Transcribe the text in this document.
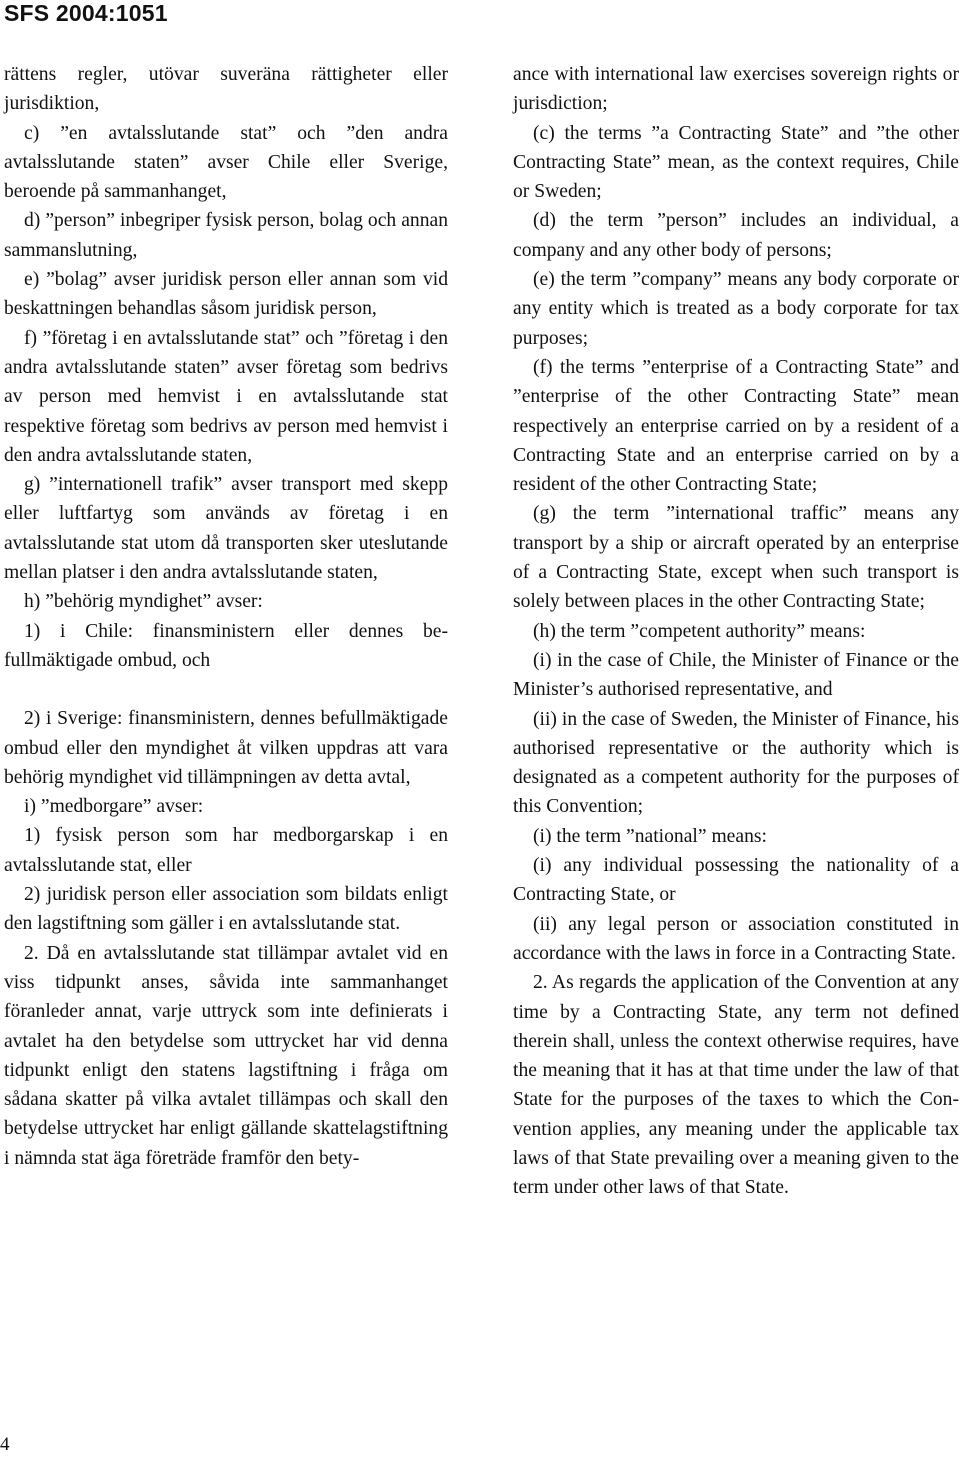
SFS 2004:1051

rättens regler, utövar suveräna rättigheter eller jurisdiktion,

c) ”en avtalsslutande stat” och ”den andra avtalsslutande staten” avser Chile eller Sverige, beroende på sammanhanget,

d) ”person” inbegriper fysisk person, bolag och annan sammanslutning,

e) ”bolag” avser juridisk person eller annan som vid beskattningen behandlas såsom juridisk person,

f) ”företag i en avtalsslutande stat” och ”företag i den andra avtalsslutande staten” avser företag som bedrivs av person med hemvist i en avtalsslutande stat respektive företag som bedrivs av person med hemvist i den andra avtalsslutande staten,

g) ”internationell trafik” avser transport med skepp eller luftfartyg som används av företag i en avtalsslutande stat utom då transporten sker uteslutande mellan platser i den andra avtalsslutande staten,

h) ”behörig myndighet” avser:

1) i Chile: finansministern eller dennes befullmäktigade ombud, och

2) i Sverige: finansministern, dennes befullmäktigade ombud eller den myndighet åt vilken uppdras att vara behörig myndighet vid tillämpningen av detta avtal,

i) ”medborgare” avser:

1) fysisk person som har medborgarskap i en avtalsslutande stat, eller

2) juridisk person eller association som bildats enligt den lagstiftning som gäller i en avtalsslutande stat.

2. Då en avtalsslutande stat tillämpar avtalet vid en viss tidpunkt anses, såvida inte sammanhanget föranleder annat, varje uttryck som inte definierats i avtalet ha den betydelse som uttrycket har vid denna tidpunkt enligt den statens lagstiftning i fråga om sådana skatter på vilka avtalet tillämpas och skall den betydelse uttrycket har enligt gällande skattelagstiftning i nämnda stat äga företräde framför den bety-

ance with international law exercises sovereign rights or jurisdiction;

(c) the terms ”a Contracting State” and ”the other Contracting State” mean, as the context requires, Chile or Sweden;

(d) the term ”person” includes an individual, a company and any other body of persons;

(e) the term ”company” means any body corporate or any entity which is treated as a body corporate for tax purposes;

(f) the terms ”enterprise of a Contracting State” and ”enterprise of the other Contracting State” mean respectively an enterprise carried on by a resident of a Contracting State and an enterprise carried on by a resident of the other Contracting State;

(g) the term ”international traffic” means any transport by a ship or aircraft operated by an enterprise of a Contracting State, except when such transport is solely between places in the other Contracting State;

(h) the term ”competent authority” means:

(i) in the case of Chile, the Minister of Finance or the Minister’s authorised representative, and

(ii) in the case of Sweden, the Minister of Finance, his authorised representative or the authority which is designated as a competent authority for the purposes of this Convention;

(i) the term ”national” means:

(i) any individual possessing the nationality of a Contracting State, or

(ii) any legal person or association constituted in accordance with the laws in force in a Contracting State.

2. As regards the application of the Convention at any time by a Contracting State, any term not defined therein shall, unless the context otherwise requires, have the meaning that it has at that time under the law of that State for the purposes of the taxes to which the Convention applies, any meaning under the applicable tax laws of that State prevailing over a meaning given to the term under other laws of that State.

4
